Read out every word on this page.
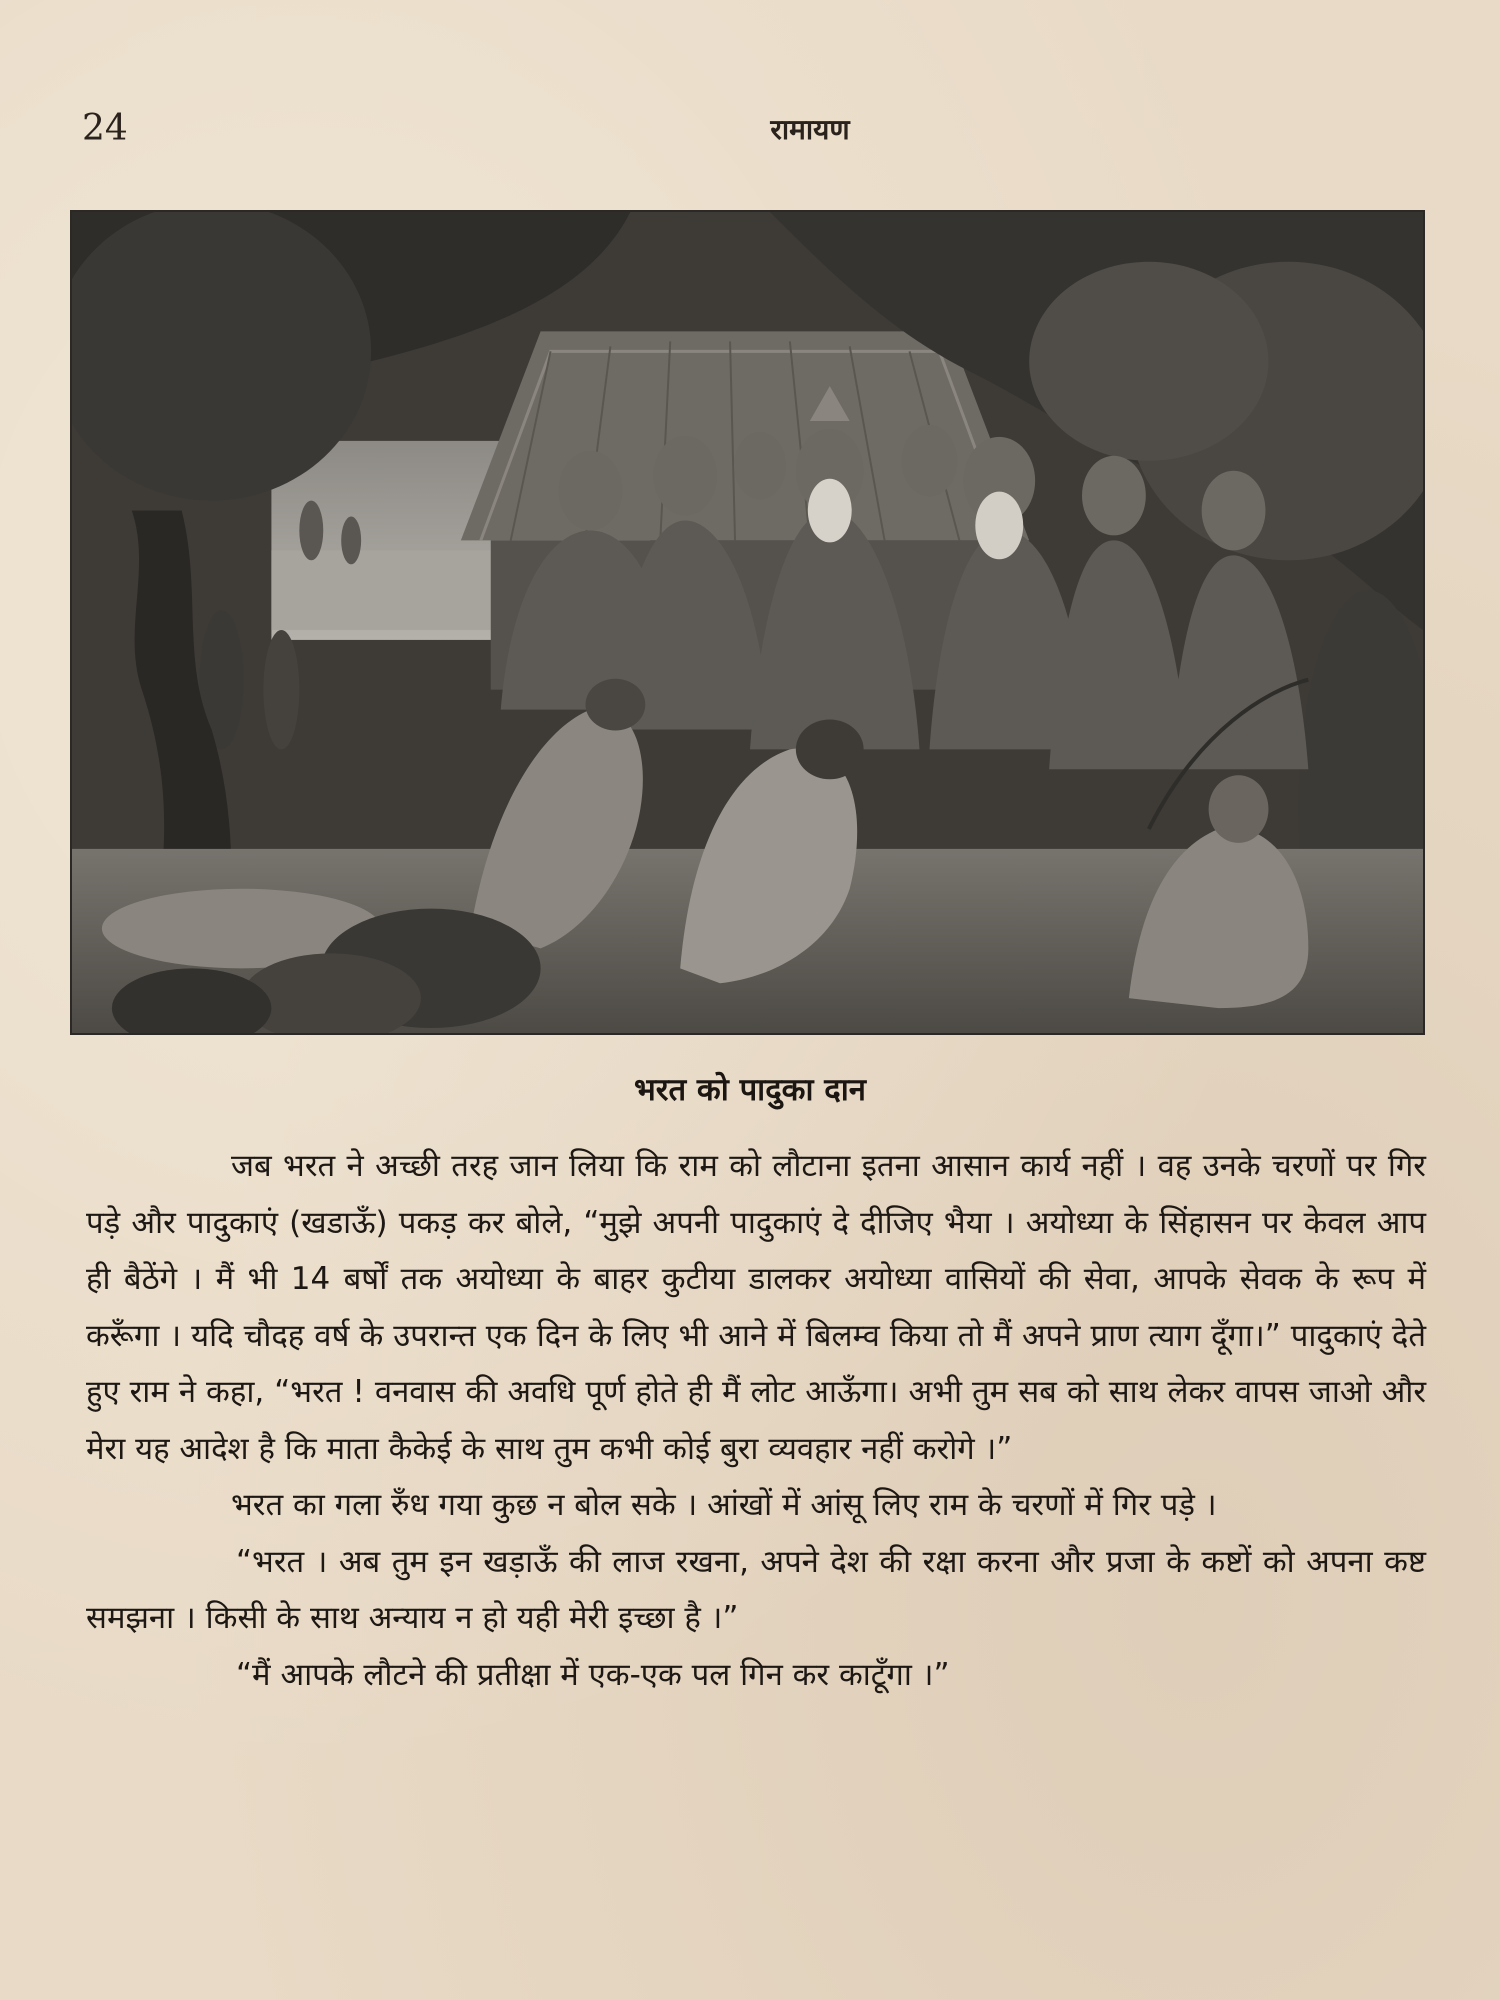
24	रामायण
भरत को पादुका दान

जब भरत ने अच्छी तरह जान लिया कि राम को लौटाना इतना आसान कार्य नहीं । वह उनके चरणों पर गिर पड़े और पादुकाएं (खडाऊँ) पकड़ कर बोले, “मुझे अपनी पादुकाएं दे दीजिए भैया । अयोध्या के सिंहासन पर केवल आप ही बैठेंगे । मैं भी 14 बर्षों तक अयोध्या के बाहर कुटीया डालकर अयोध्या वासियों की सेवा, आपके सेवक के रूप में करूँगा । यदि चौदह वर्ष के उपरान्त एक दिन के लिए भी आने में बिलम्व किया तो मैं अपने प्राण त्याग दूँगा।” पादुकाएं देते हुए राम ने कहा, “भरत ! वनवास की अवधि पूर्ण होते ही मैं लोट आऊँगा। अभी तुम सब को साथ लेकर वापस जाओ और मेरा यह आदेश है कि माता कैकेई के साथ तुम कभी कोई बुरा व्यवहार नहीं करोगे ।”

भरत का गला रुँध गया कुछ न बोल सके । आंखों में आंसू लिए राम के चरणों में गिर पड़े ।

“भरत । अब तुम इन खड़ाऊँ की लाज रखना, अपने देश की रक्षा करना और प्रजा के कष्टों को अपना कष्ट समझना । किसी के साथ अन्याय न हो यही मेरी इच्छा है ।”

“मैं आपके लौटने की प्रतीक्षा में एक-एक पल गिन कर काटूँगा ।”
